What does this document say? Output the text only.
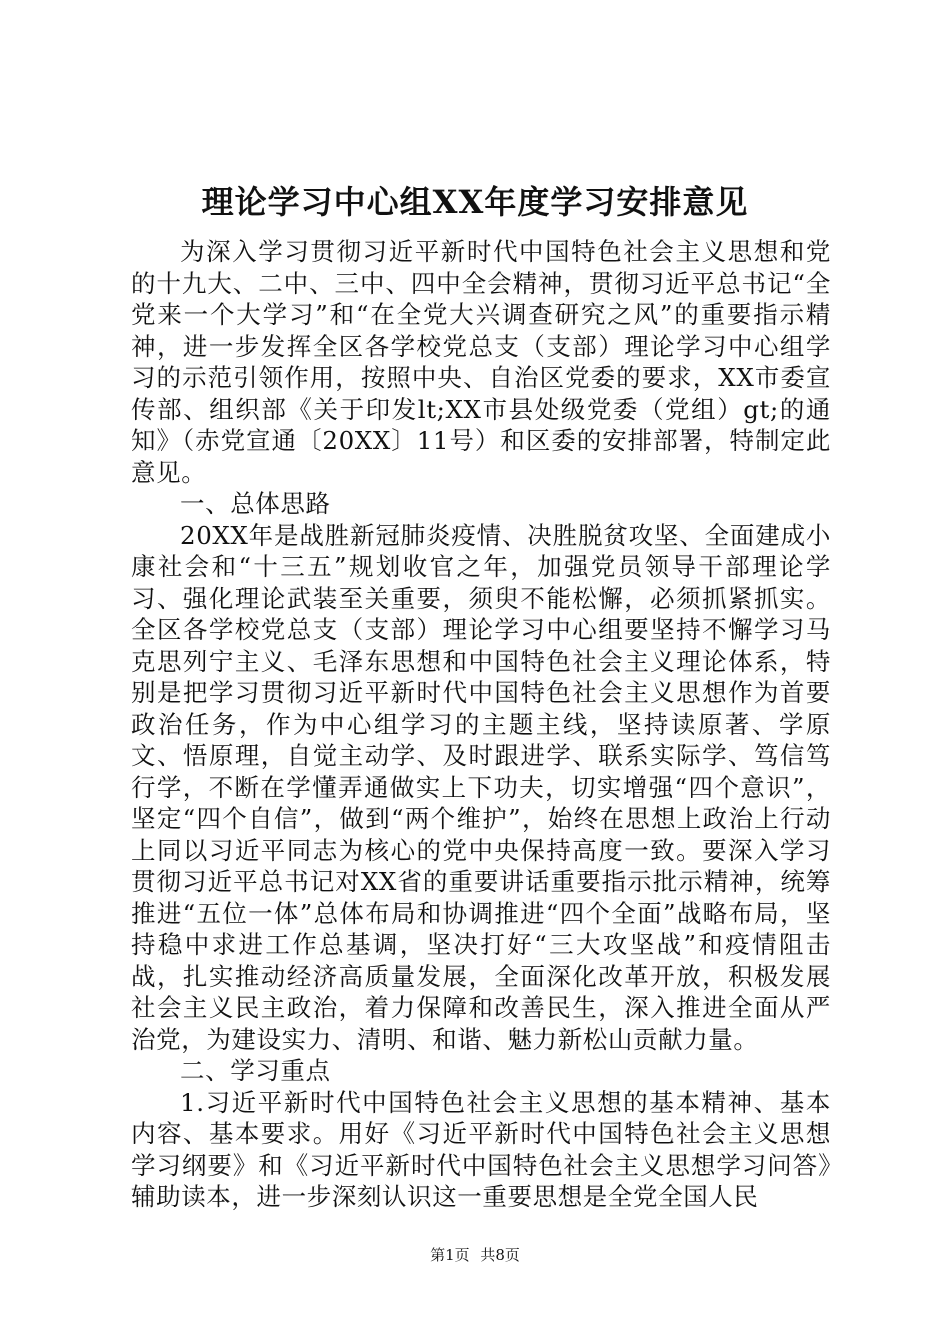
理论学习中心组XX年度学习安排意见

为深入学习贯彻习近平新时代中国特色社会主义思想和党的十九大、二中、三中、四中全会精神，贯彻习近平总书记“全党来一个大学习”和“在全党大兴调查研究之风”的重要指示精神，进一步发挥全区各学校党总支（支部）理论学习中心组学习的示范引领作用，按照中央、自治区党委的要求，XX市委宣传部、组织部《关于印发lt;XX市县处级党委（党组）gt;的通知》（赤党宣通〔20XX〕11号）和区委的安排部署，特制定此意见。

一、总体思路

20XX年是战胜新冠肺炎疫情、决胜脱贫攻坚、全面建成小康社会和“十三五”规划收官之年，加强党员领导干部理论学习、强化理论武装至关重要，须臾不能松懈，必须抓紧抓实。全区各学校党总支（支部）理论学习中心组要坚持不懈学习马克思列宁主义、毛泽东思想和中国特色社会主义理论体系，特别是把学习贯彻习近平新时代中国特色社会主义思想作为首要政治任务，作为中心组学习的主题主线，坚持读原著、学原文、悟原理，自觉主动学、及时跟进学、联系实际学、笃信笃行学，不断在学懂弄通做实上下功夫，切实增强“四个意识”，坚定“四个自信”，做到“两个维护”，始终在思想上政治上行动上同以习近平同志为核心的党中央保持高度一致。要深入学习贯彻习近平总书记对XX省的重要讲话重要指示批示精神，统筹推进“五位一体”总体布局和协调推进“四个全面”战略布局，坚持稳中求进工作总基调，坚决打好“三大攻坚战”和疫情阻击战，扎实推动经济高质量发展，全面深化改革开放，积极发展社会主义民主政治，着力保障和改善民生，深入推进全面从严治党，为建设实力、清明、和谐、魅力新松山贡献力量。

二、学习重点

1.习近平新时代中国特色社会主义思想的基本精神、基本内容、基本要求。用好《习近平新时代中国特色社会主义思想学习纲要》和《习近平新时代中国特色社会主义思想学习问答》辅助读本，进一步深刻认识这一重要思想是全党全国人民

第1页 共8页
